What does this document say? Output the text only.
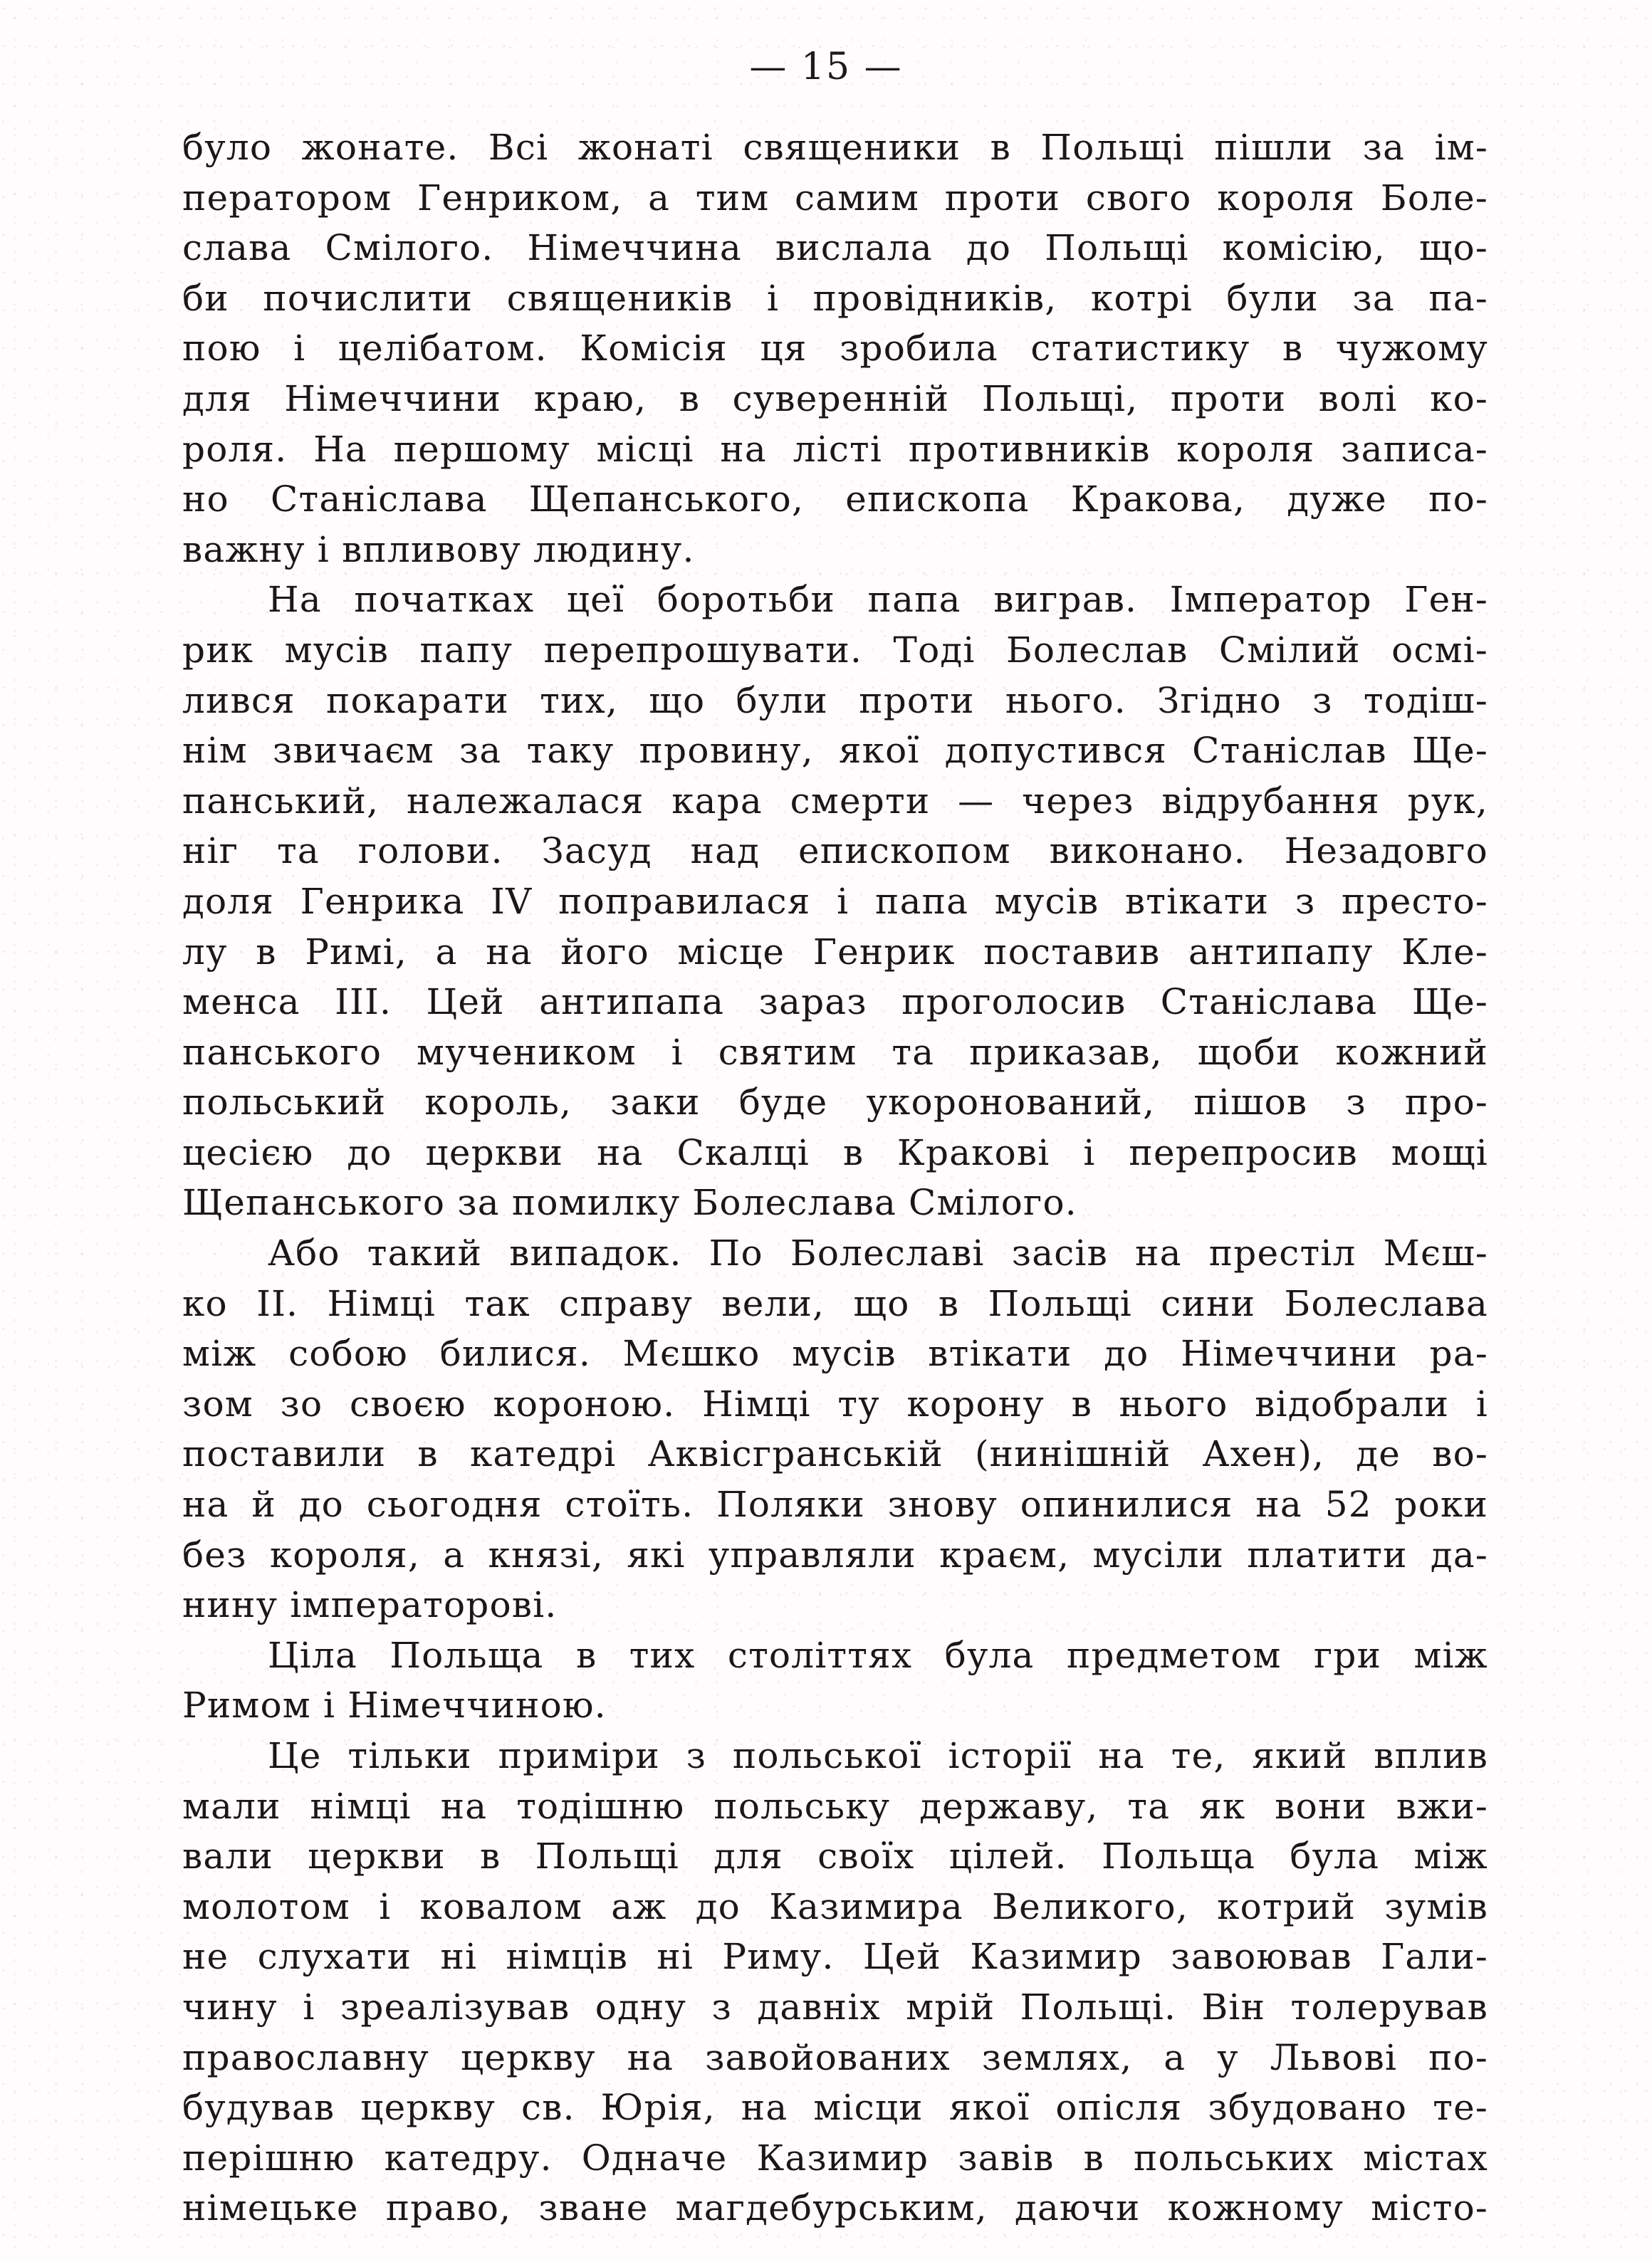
— 15 —
було жонате. Всі жонаті священики в Польщі пішли за ім-
ператором Генриком, а тим самим проти свого короля Боле-
слава Смілого. Німеччина вислала до Польщі комісію, що-
би почислити священиків і провідників, котрі були за па-
пою і целібатом. Комісія ця зробила статистику в чужому
для Німеччини краю, в суверенній Польщі, проти волі ко-
роля. На першому місці на лісті противників короля записа-
но Станіслава Щепанського, епископа Кракова, дуже по-
важну і впливову людину.
На початках цеї боротьби папа виграв. Імператор Ген-
рик мусів папу перепрошувати. Тоді Болеслав Смілий осмі-
лився покарати тих, що були проти нього. Згідно з тодіш-
нім звичаєм за таку провину, якої допустився Станіслав Ще-
панський, належалася кара смерти — через відрубання рук,
ніг та голови. Засуд над епископом виконано. Незадовго
доля Генрика IV поправилася і папа мусів втікати з престо-
лу в Римі, а на його місце Генрик поставив антипапу Кле-
менса III. Цей антипапа зараз проголосив Станіслава Ще-
панського мучеником і святим та приказав, щоби кожний
польський король, заки буде укоронований, пішов з про-
цесією до церкви на Скалці в Кракові і перепросив мощі
Щепанського за помилку Болеслава Смілого.
Або такий випадок. По Болеславі засів на престіл Мєш-
ко II. Німці так справу вели, що в Польщі сини Болеслава
між собою билися. Мєшко мусів втікати до Німеччини ра-
зом зо своєю короною. Німці ту корону в нього відобрали і
поставили в катедрі Аквісгранській (нинішній Ахен), де во-
на й до сьогодня стоїть. Поляки знову опинилися на 52 роки
без короля, а князі, які управляли краєм, мусіли платити да-
нину імператорові.
Ціла Польща в тих століттях була предметом гри між
Римом і Німеччиною.
Це тільки приміри з польської історії на те, який вплив
мали німці на тодішню польську державу, та як вони вжи-
вали церкви в Польщі для своїх цілей. Польща була між
молотом і ковалом аж до Казимира Великого, котрий зумів
не слухати ні німців ні Риму. Цей Казимир завоював Гали-
чину і зреалізував одну з давніх мрій Польщі. Він толерував
православну церкву на завойованих землях, а у Львові по-
будував церкву св. Юрія, на місци якої опісля збудовано те-
перішню катедру. Одначе Казимир завів в польських містах
німецьке право, зване магдебурським, даючи кожному місто-
